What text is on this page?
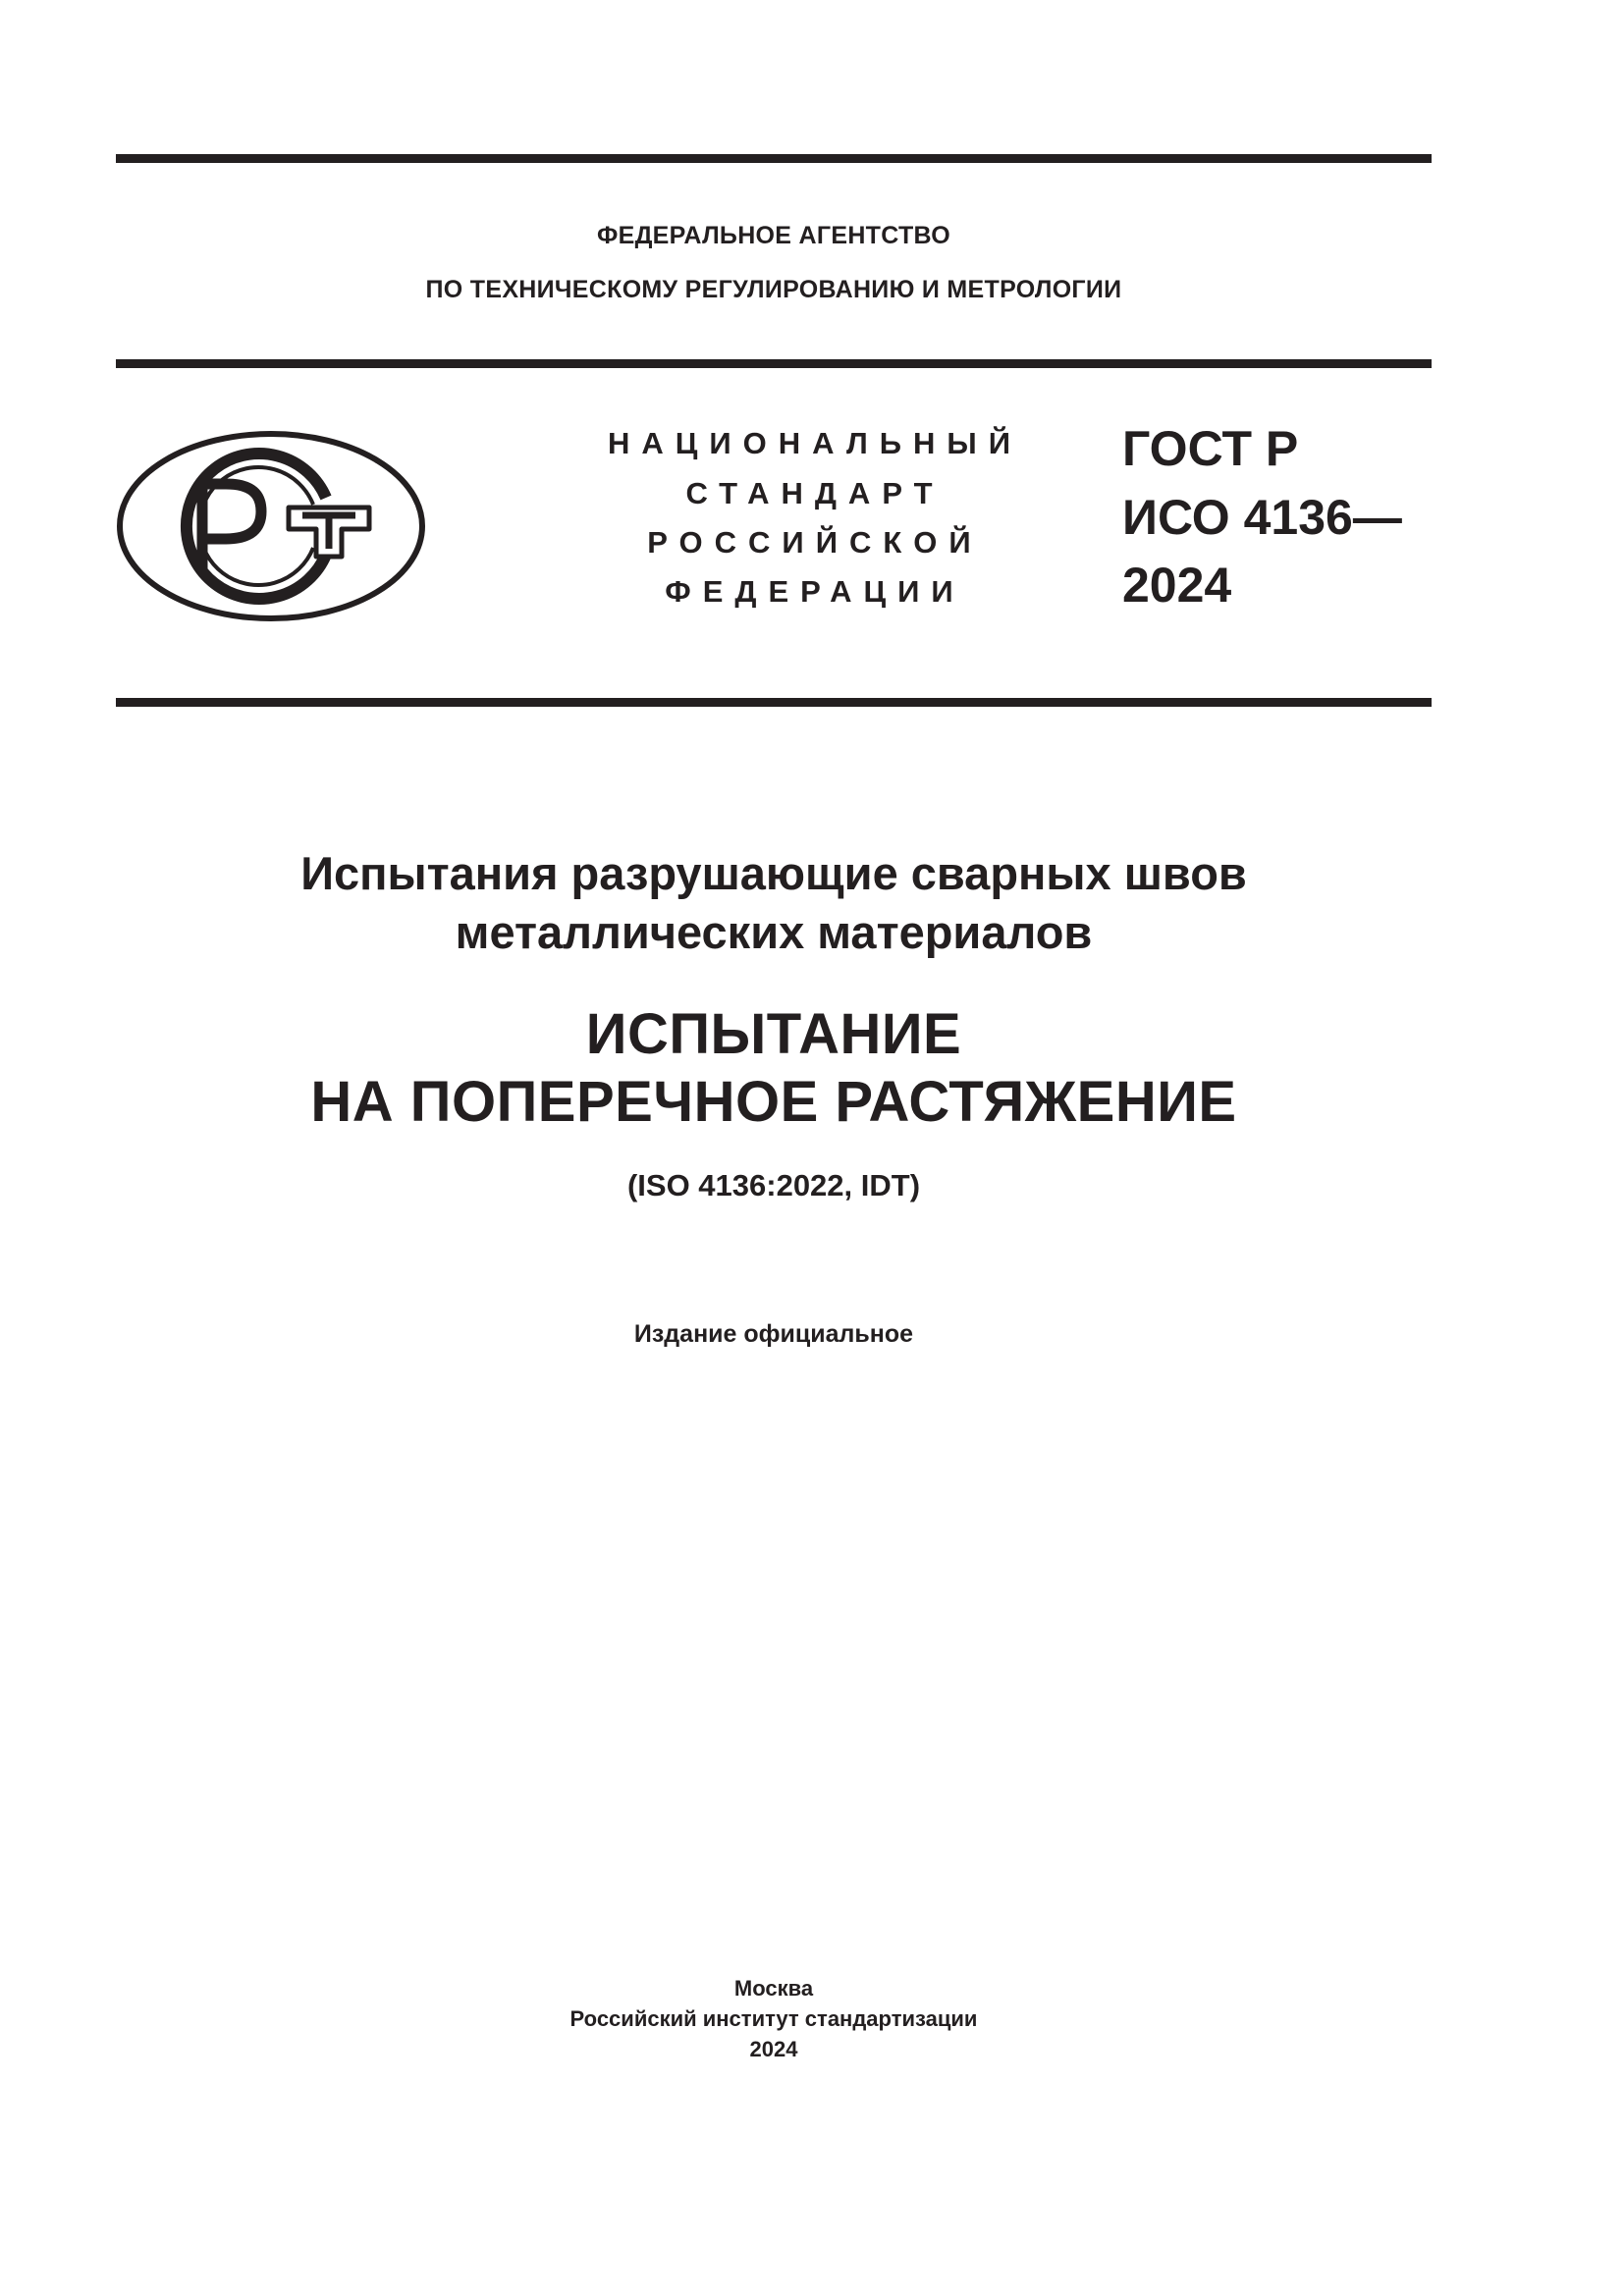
ФЕДЕРАЛЬНОЕ АГЕНТСТВО
ПО ТЕХНИЧЕСКОМУ РЕГУЛИРОВАНИЮ И МЕТРОЛОГИИ
НАЦИОНАЛЬНЫЙ
СТАНДАРТ
РОССИЙСКОЙ
ФЕДЕРАЦИИ
ГОСТ Р
ИСО 4136—
2024
Испытания разрушающие сварных швов
металлических материалов
ИСПЫТАНИЕ
НА ПОПЕРЕЧНОЕ РАСТЯЖЕНИЕ
(ISO 4136:2022, IDT)
Издание официальное
Москва
Российский институт стандартизации
2024
